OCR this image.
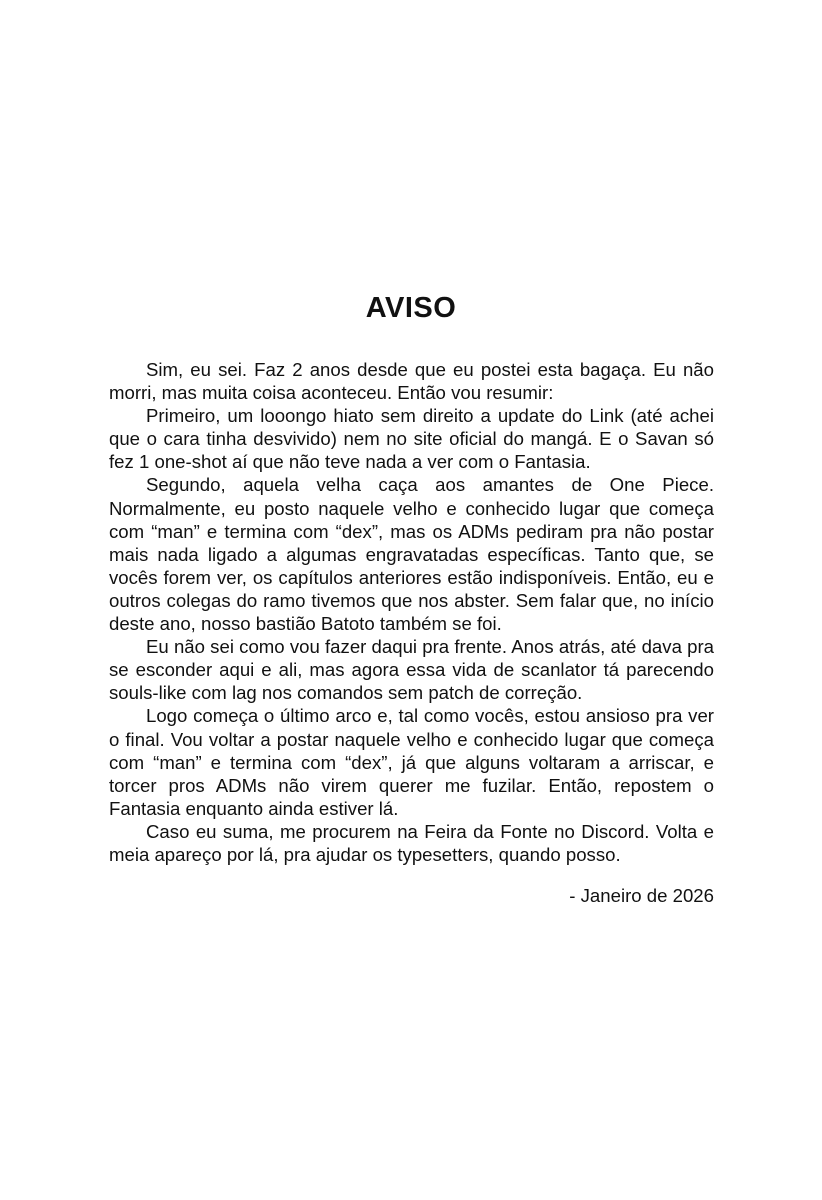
AVISO

Sim, eu sei. Faz 2 anos desde que eu postei esta bagaça. Eu não morri, mas muita coisa aconteceu. Então vou resumir:

Primeiro, um looongo hiato sem direito a update do Link (até achei que o cara tinha desvivido) nem no site oficial do mangá. E o Savan só fez 1 one-shot aí que não teve nada a ver com o Fantasia.

Segundo, aquela velha caça aos amantes de One Piece. Normalmente, eu posto naquele velho e conhecido lugar que começa com “man” e termina com “dex”, mas os ADMs pediram pra não postar mais nada ligado a algumas engravatadas específicas. Tanto que, se vocês forem ver, os capítulos anteriores estão indisponíveis. Então, eu e outros colegas do ramo tivemos que nos abster. Sem falar que, no início deste ano, nosso bastião Batoto também se foi.

Eu não sei como vou fazer daqui pra frente. Anos atrás, até dava pra se esconder aqui e ali, mas agora essa vida de scanlator tá parecendo souls-like com lag nos comandos sem patch de correção.

Logo começa o último arco e, tal como vocês, estou ansioso pra ver o final. Vou voltar a postar naquele velho e conhecido lugar que começa com “man” e termina com “dex”, já que alguns voltaram a arriscar, e torcer pros ADMs não virem querer me fuzilar. Então, repostem o Fantasia enquanto ainda estiver lá.

Caso eu suma, me procurem na Feira da Fonte no Discord. Volta e meia apareço por lá, pra ajudar os typesetters, quando posso.

- Janeiro de 2026
